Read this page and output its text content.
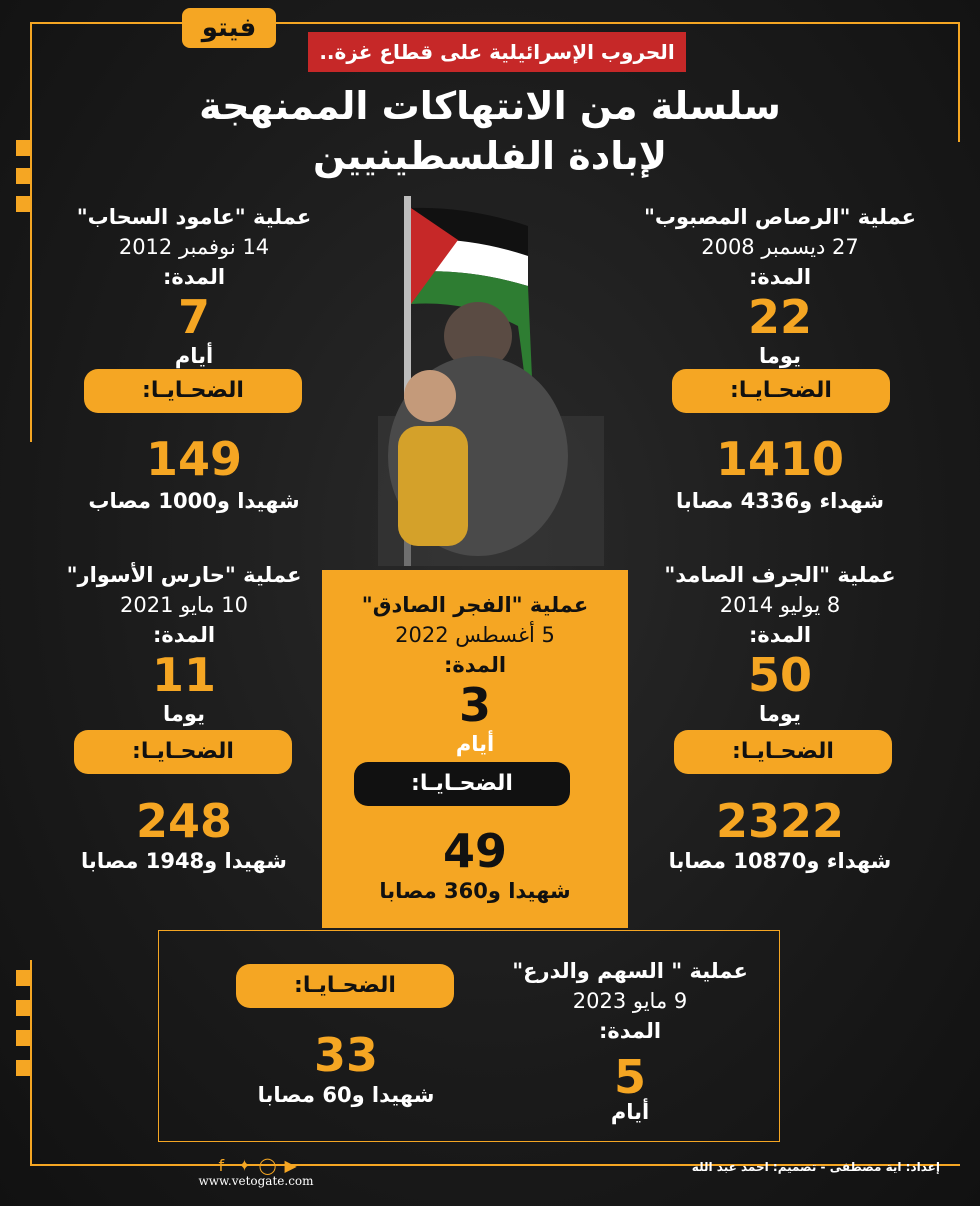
فيتو
الحروب الإسرائيلية على قطاع غزة..
سلسلة من الانتهاكات الممنهجة
لإبادة الفلسطينيين
عملية "الرصاص المصبوب"
27 ديسمبر 2008
المدة:
22
يوما
الضحـايـا:
1410
شهداء و4336 مصابا
عملية "عامود السحاب"
14 نوفمبر 2012
المدة:
7
أيام
الضحـايـا:
149
شهيدا و1000 مصاب
عملية "الجرف الصامد"
8 يوليو 2014
المدة:
50
يوما
الضحـايـا:
2322
شهداء و10870 مصابا
عملية "حارس الأسوار"
10 مايو 2021
المدة:
11
يوما
الضحـايـا:
248
شهيدا و1948 مصابا
عملية "الفجر الصادق"
5 أغسطس 2022
المدة:
3
أيام
الضحـايـا:
49
شهيدا و360 مصابا
عملية " السهم والدرع"
9 مايو 2023
المدة:
5
أيام
الضحـايـا:
33
شهيدا و60 مصابا
f ✦ ◯ ▶
www.vetogate.com
إعداد: اية مصطفى - تصميم: احمد عبد الله
